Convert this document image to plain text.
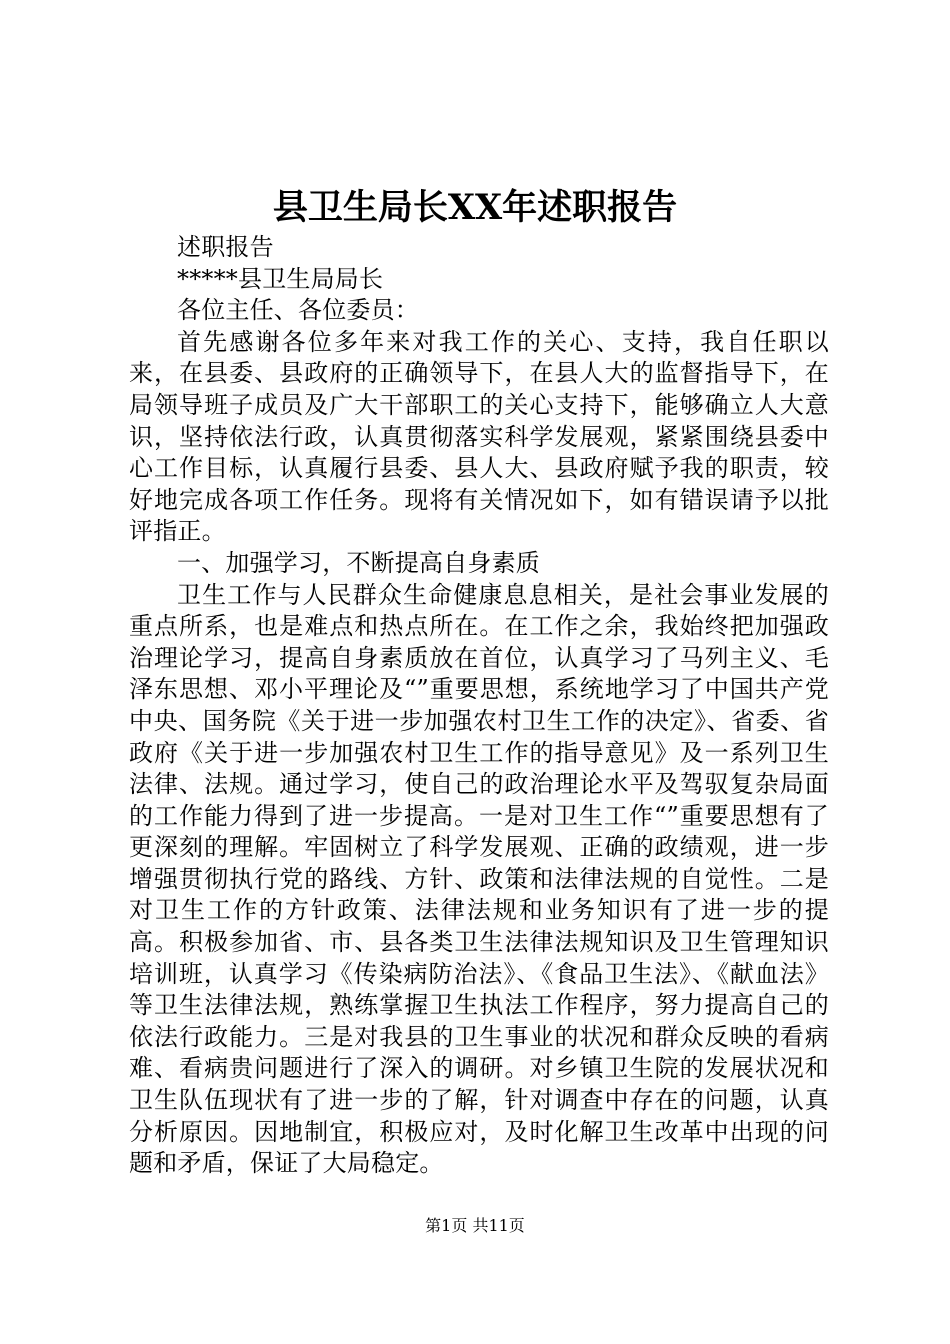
县卫生局长XX年述职报告

述职报告

*****县卫生局局长

各位主任、各位委员：

首先感谢各位多年来对我工作的关心、支持，我自任职以来，在县委、县政府的正确领导下，在县人大的监督指导下，在局领导班子成员及广大干部职工的关心支持下，能够确立人大意识，坚持依法行政，认真贯彻落实科学发展观，紧紧围绕县委中心工作目标，认真履行县委、县人大、县政府赋予我的职责，较好地完成各项工作任务。现将有关情况如下，如有错误请予以批评指正。

一、加强学习，不断提高自身素质

卫生工作与人民群众生命健康息息相关，是社会事业发展的重点所系，也是难点和热点所在。在工作之余，我始终把加强政治理论学习，提高自身素质放在首位，认真学习了马列主义、毛泽东思想、邓小平理论及“”重要思想，系统地学习了中国共产党中央、国务院《关于进一步加强农村卫生工作的决定》、省委、省政府《关于进一步加强农村卫生工作的指导意见》及一系列卫生法律、法规。通过学习，使自己的政治理论水平及驾驭复杂局面的工作能力得到了进一步提高。一是对卫生工作“”重要思想有了更深刻的理解。牢固树立了科学发展观、正确的政绩观，进一步增强贯彻执行党的路线、方针、政策和法律法规的自觉性。二是对卫生工作的方针政策、法律法规和业务知识有了进一步的提高。积极参加省、市、县各类卫生法律法规知识及卫生管理知识培训班，认真学习《传染病防治法》、《食品卫生法》、《献血法》等卫生法律法规，熟练掌握卫生执法工作程序，努力提高自己的依法行政能力。三是对我县的卫生事业的状况和群众反映的看病难、看病贵问题进行了深入的调研。对乡镇卫生院的发展状况和卫生队伍现状有了进一步的了解，针对调查中存在的问题，认真分析原因。因地制宜，积极应对，及时化解卫生改革中出现的问题和矛盾，保证了大局稳定。

第1页 共11页
